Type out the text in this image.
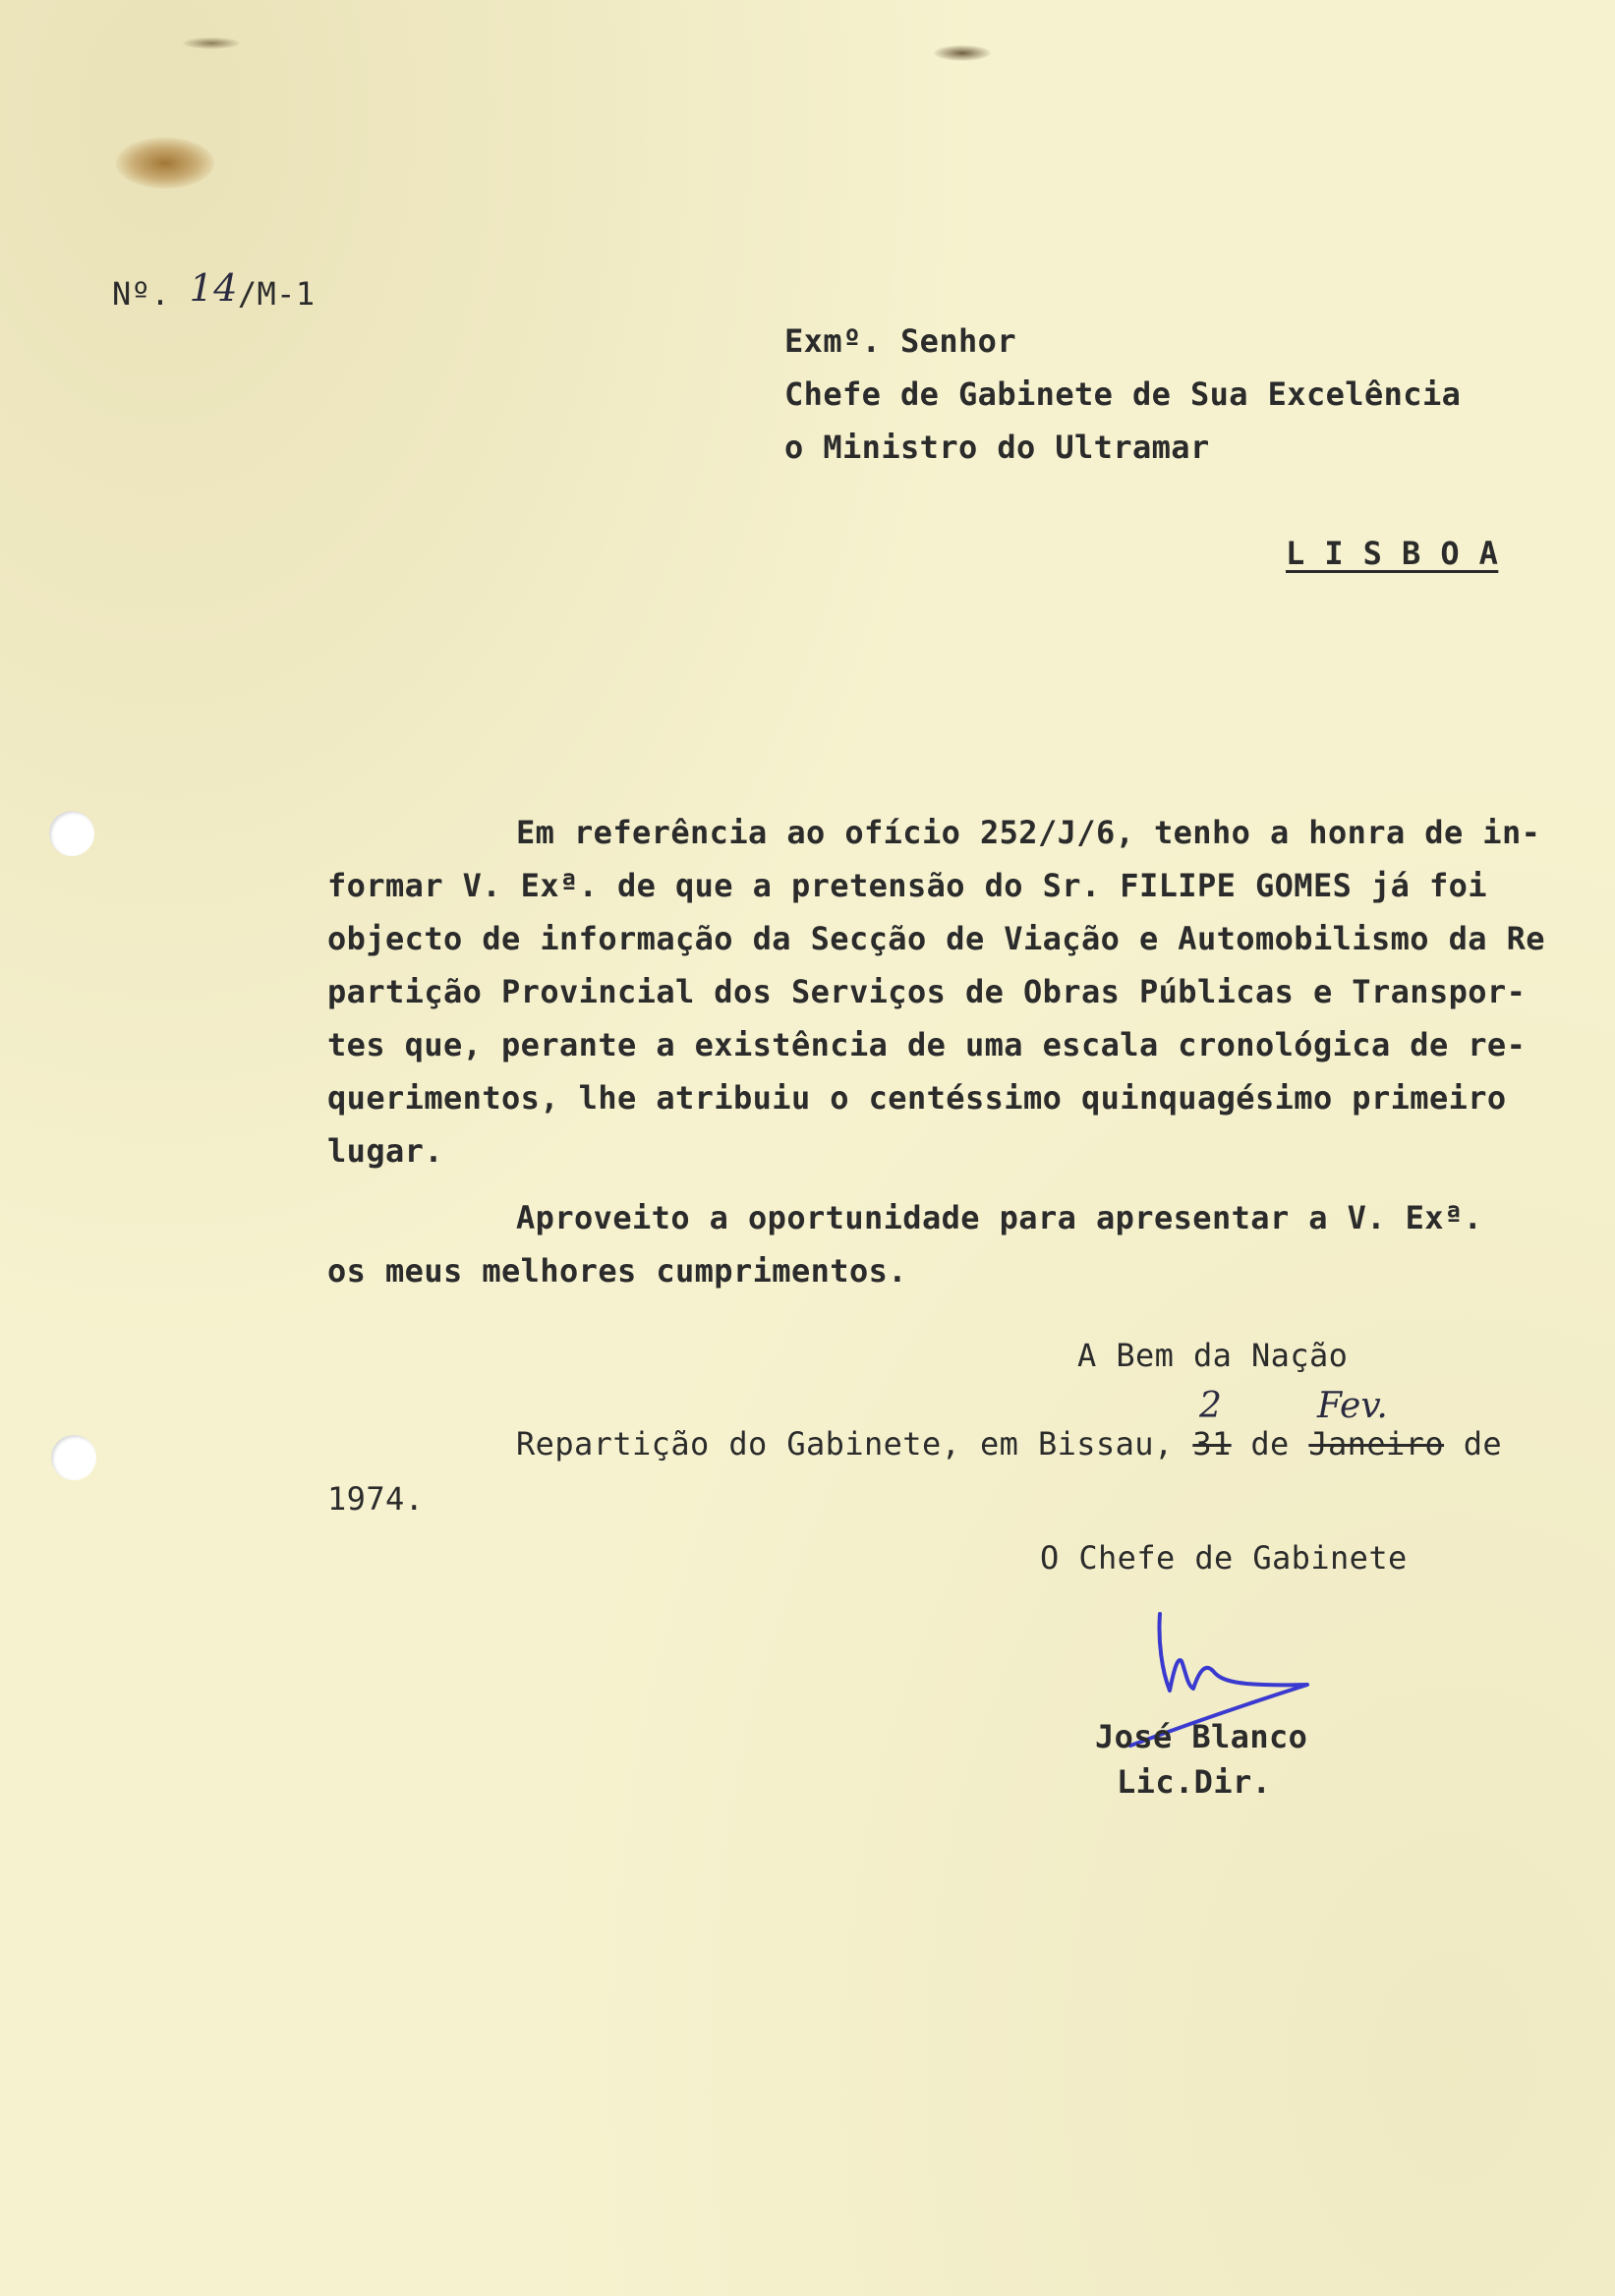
Nº. 14/M-1
Exmº. Senhor
Chefe de Gabinete de Sua Excelência
o Ministro do Ultramar
L I S B O A
Em referência ao ofício 252/J/6, tenho a honra de in-
formar V. Exª. de que a pretensão do Sr. FILIPE GOMES já foi
objecto de informação da Secção de Viação e Automobilismo da Re
partição Provincial dos Serviços de Obras Públicas e Transpor-
tes que, perante a existência de uma escala cronológica de re-
querimentos, lhe atribuiu o centéssimo quinquagésimo primeiro
lugar.
Aproveito a oportunidade para apresentar a V. Exª.
os meus melhores cumprimentos.
A Bem da Nação
2	Fev.
Repartição do Gabinete, em Bissau, 31 de Janeiro de
1974.
O Chefe de Gabinete
José Blanco
Lic.Dir.
